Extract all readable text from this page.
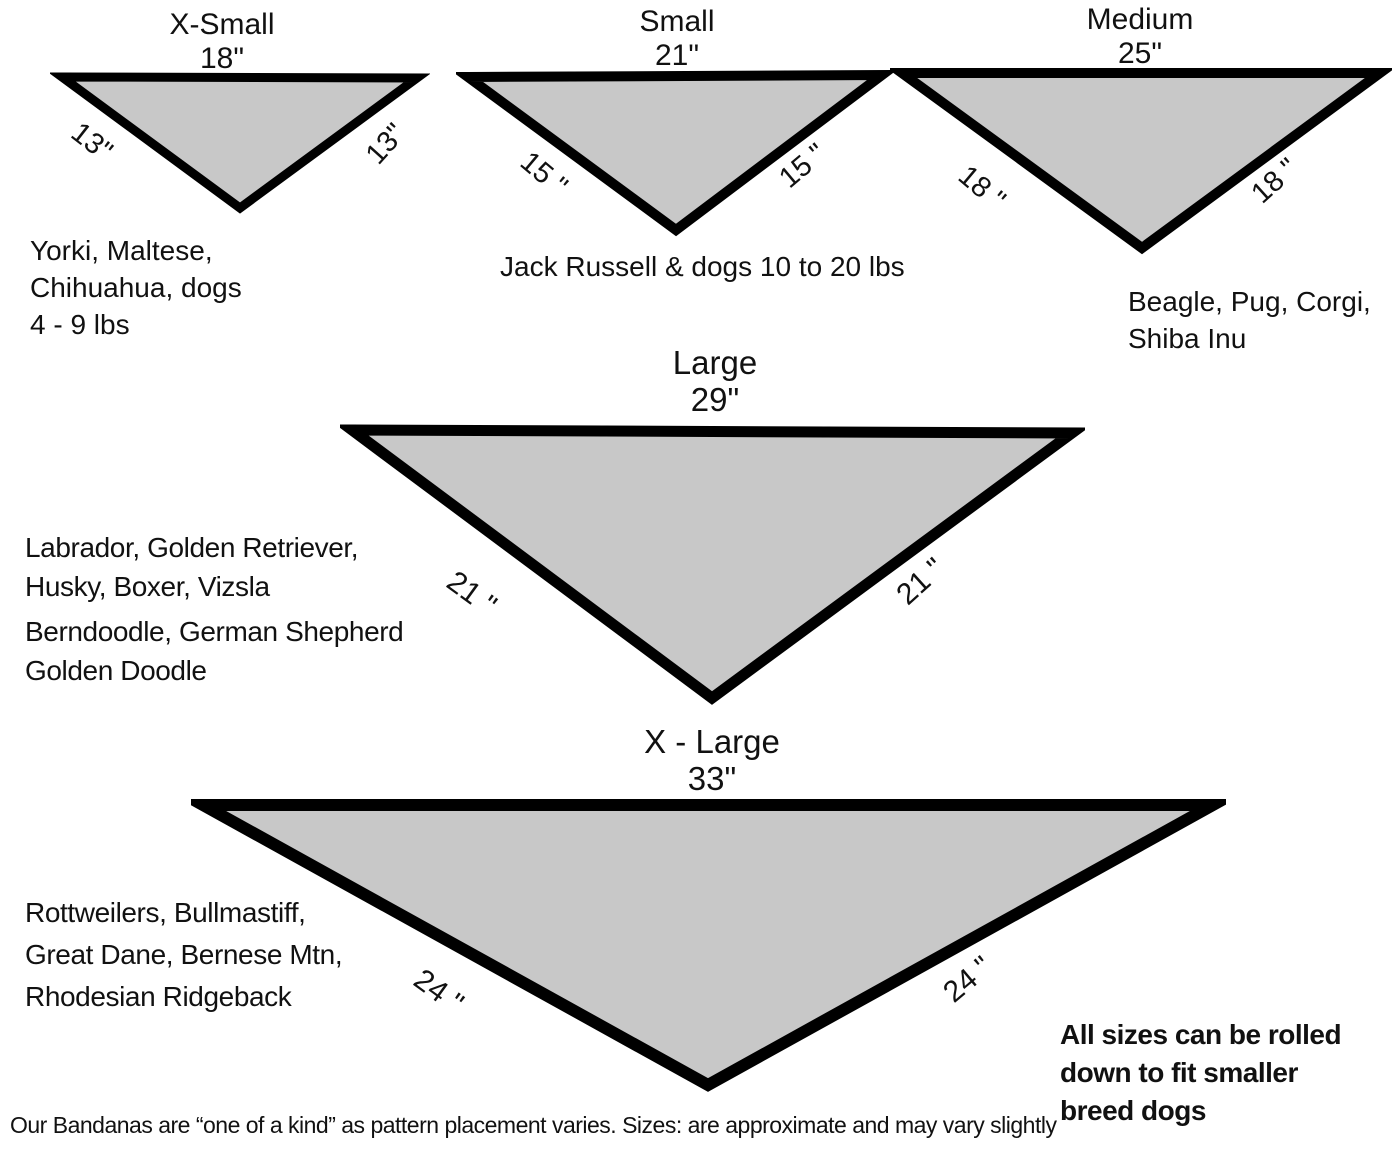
X-Small
18"
13"	13"
Yorki, Maltese,
Chihuahua, dogs
4 - 9 lbs
Small
21"
15 "	15 "
Jack Russell & dogs 10 to 20 lbs
Medium
25"
18 "	18 "
Beagle, Pug, Corgi,
Shiba Inu
Large
29"
21 "	21 "
Labrador, Golden Retriever,
Husky, Boxer, Vizsla
Berndoodle, German Shepherd
Golden Doodle
X - Large
33"
24 "	24 "
Rottweilers, Bullmastiff,
Great Dane, Bernese Mtn,
Rhodesian Ridgeback
All sizes can be rolled
down to fit smaller
breed dogs
Our Bandanas are “one of a kind” as pattern placement varies. Sizes: are approximate and may vary slightly
